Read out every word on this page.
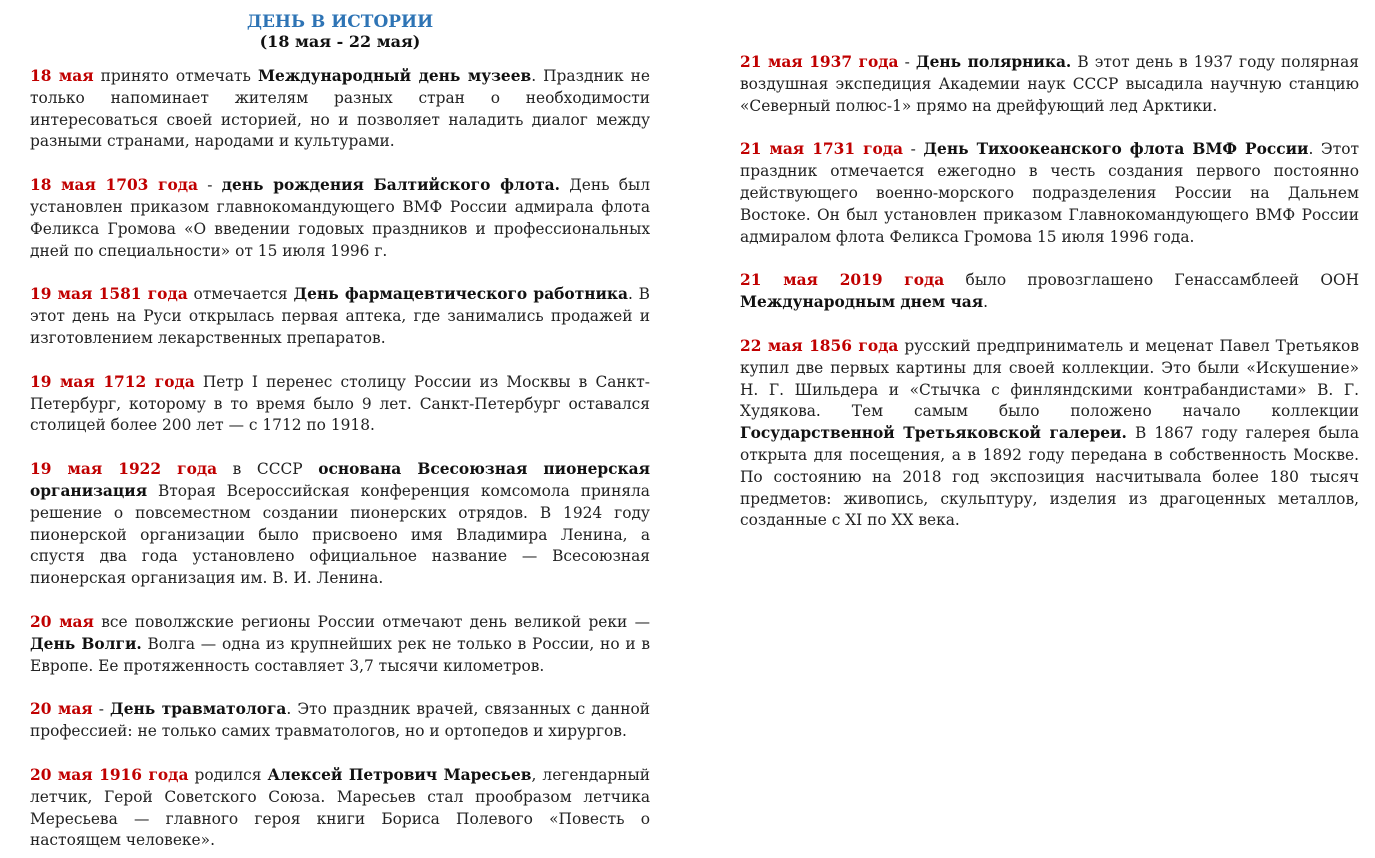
ДЕНЬ В ИСТОРИИ
(18 мая - 22 мая)

18 мая принято отмечать Международный день музеев. Праздник не только напоминает жителям разных стран о необходимости интересоваться своей историей, но и позволяет наладить диалог между разными странами, народами и культурами.

18 мая 1703 года - день рождения Балтийского флота. День был установлен приказом главнокомандующего ВМФ России адмирала флота Феликса Громова «О введении годовых праздников и профессиональных дней по специальности» от 15 июля 1996 г.

19 мая 1581 года отмечается День фармацевтического работника. В этот день на Руси открылась первая аптека, где занимались продажей и изготовлением лекарственных препаратов.

19 мая 1712 года Петр I перенес столицу России из Москвы в Санкт-Петербург, которому в то время было 9 лет. Санкт-Петербург оставался столицей более 200 лет — с 1712 по 1918.

19 мая 1922 года в СССР основана Всесоюзная пионерская организация Вторая Всероссийская конференция комсомола приняла решение о повсеместном создании пионерских отрядов. В 1924 году пионерской организации было присвоено имя Владимира Ленина, а спустя два года установлено официальное название — Всесоюзная пионерская организация им. В. И. Ленина.

20 мая все поволжские регионы России отмечают день великой реки — День Волги. Волга — одна из крупнейших рек не только в России, но и в Европе. Ее протяженность составляет 3,7 тысячи километров.

20 мая - День травматолога. Это праздник врачей, связанных с данной профессией: не только самих травматологов, но и ортопедов и хирургов.

20 мая 1916 года родился Алексей Петрович Маресьев, легендарный летчик, Герой Советского Союза. Маресьев стал прообразом летчика Мересьева — главного героя книги Бориса Полевого «Повесть о настоящем человеке».

21 мая 1937 года - День полярника. В этот день в 1937 году полярная воздушная экспедиция Академии наук СССР высадила научную станцию «Северный полюс-1» прямо на дрейфующий лед Арктики.

21 мая 1731 года - День Тихоокеанского флота ВМФ России. Этот праздник отмечается ежегодно в честь создания первого постоянно действующего военно-морского подразделения России на Дальнем Востоке. Он был установлен приказом Главнокомандующего ВМФ России адмиралом флота Феликса Громова 15 июля 1996 года.

21 мая 2019 года было провозглашено Генассамблеей ООН Международным днем чая.

22 мая 1856 года русский предприниматель и меценат Павел Третьяков купил две первых картины для своей коллекции. Это были «Искушение» Н. Г. Шильдера и «Стычка с финляндскими контрабандистами» В. Г. Худякова. Тем самым было положено начало коллекции Государственной Третьяковской галереи. В 1867 году галерея была открыта для посещения, а в 1892 году передана в собственность Москве. По состоянию на 2018 год экспозиция насчитывала более 180 тысяч предметов: живопись, скульптуру, изделия из драгоценных металлов, созданные с XI по XX века.
